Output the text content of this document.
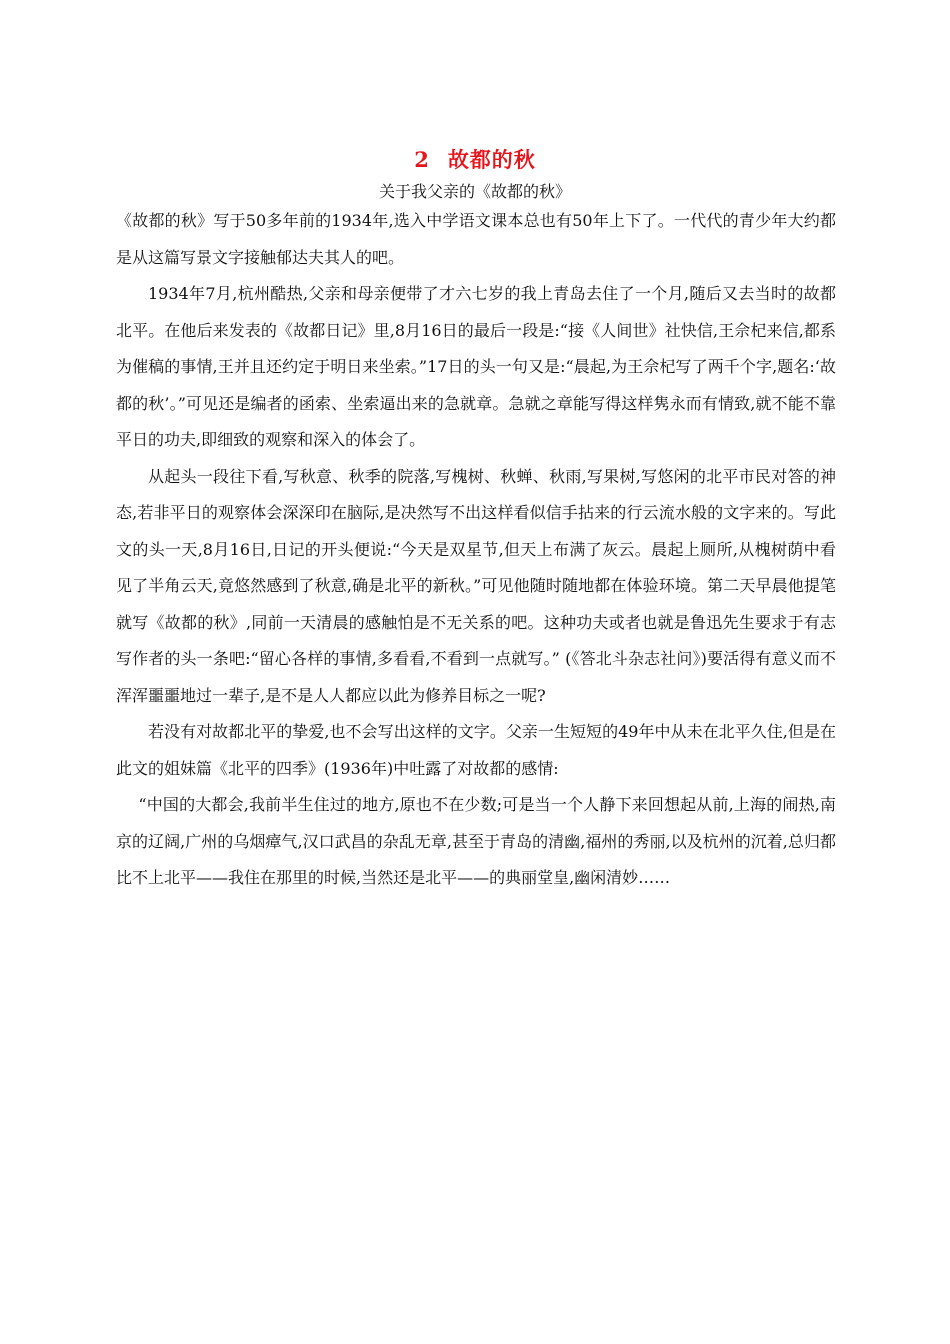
2 故都的秋
关于我父亲的《故都的秋》

《故都的秋》写于50多年前的1934年,选入中学语文课本总也有50年上下了。一代代的青少年大约都是从这篇写景文字接触郁达夫其人的吧。

1934年7月,杭州酷热,父亲和母亲便带了才六七岁的我上青岛去住了一个月,随后又去当时的故都北平。在他后来发表的《故都日记》里,8月16日的最后一段是:“接《人间世》社快信,王佘杞来信,都系为催稿的事情,王并且还约定于明日来坐索。”17日的头一句又是:“晨起,为王佘杞写了两千个字,题名:‘故都的秋’。”可见还是编者的函索、坐索逼出来的急就章。急就之章能写得这样隽永而有情致,就不能不靠平日的功夫,即细致的观察和深入的体会了。

从起头一段往下看,写秋意、秋季的院落,写槐树、秋蝉、秋雨,写果树,写悠闲的北平市民对答的神态,若非平日的观察体会深深印在脑际,是决然写不出这样看似信手拈来的行云流水般的文字来的。写此文的头一天,8月16日,日记的开头便说:“今天是双星节,但天上布满了灰云。晨起上厕所,从槐树荫中看见了半角云天,竟悠然感到了秋意,确是北平的新秋。”可见他随时随地都在体验环境。第二天早晨他提笔就写《故都的秋》,同前一天清晨的感触怕是不无关系的吧。这种功夫或者也就是鲁迅先生要求于有志写作者的头一条吧:“留心各样的事情,多看看,不看到一点就写。” (《答北斗杂志社问》)要活得有意义而不浑浑噩噩地过一辈子,是不是人人都应以此为修养目标之一呢?

若没有对故都北平的挚爱,也不会写出这样的文字。父亲一生短短的49年中从未在北平久住,但是在此文的姐妹篇《北平的四季》(1936年)中吐露了对故都的感情:

“中国的大都会,我前半生住过的地方,原也不在少数;可是当一个人静下来回想起从前,上海的闹热,南京的辽阔,广州的乌烟瘴气,汉口武昌的杂乱无章,甚至于青岛的清幽,福州的秀丽,以及杭州的沉着,总归都比不上北平——我住在那里的时候,当然还是北平——的典丽堂皇,幽闲清妙……
